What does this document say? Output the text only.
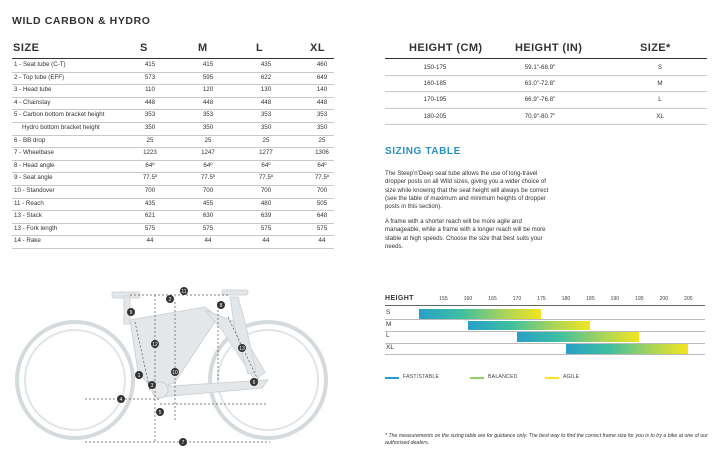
WILD CARBON & HYDRO
SIZE	S	M	L	XL
1 - Seat tube (C-T)	415	415	435	460
2 - Top tube (EFF)	573	595	622	649
3 - Head tube	110	120	130	140
4 - Chainstay	448	448	448	448
5 - Carbon bottom bracket height	353	353	353	353
Hydro bottom bracket height	350	350	350	350
6 - BB drop	25	25	25	25
7 - Wheelbase	1223	1247	1277	1306
8 - Head angle	64º	64º	64º	64º
9 - Seat angle	77.5º	77.5º	77.5º	77.5º
10 - Standover	700	700	700	700
11 - Reach	435	455	480	505
13 - Stack	621	630	639	648
13 - Fork length	575	575	575	575
14 - Rake	44	44	44	44
HEIGHT (CM)	HEIGHT (IN)	SIZE*
150-175	59.1"-68.9"	S
160-185	63.0"-72.8"	M
170-195	66.9"-76.8"	L
180-205	70.9"-80.7"	XL
SIZING TABLE
The Steep'n'Deep seat tube allows the use of long-travel dropper posts on all Wild sizes, giving you a wider choice of size while knowing that the seat height will always be correct (see the table of maximum and minimum heights of dropper posts in this section).
A frame with a shorter reach will be more agile and manageable, while a frame with a longer reach will be more stable at high speeds. Choose the size that best suits your needs.
11
2
8
9
12
13
10
1
3	6
4
5
7
HEIGHT	155	160	165	170	175	180	185	190	195	200	205
S
M
L
XL
FAST/STABLE	BALANCED	AGILE
* The measurements on the sizing table are for guidance only. The best way to find the correct frame size for you is to try a bike at one of our authorised dealers.
